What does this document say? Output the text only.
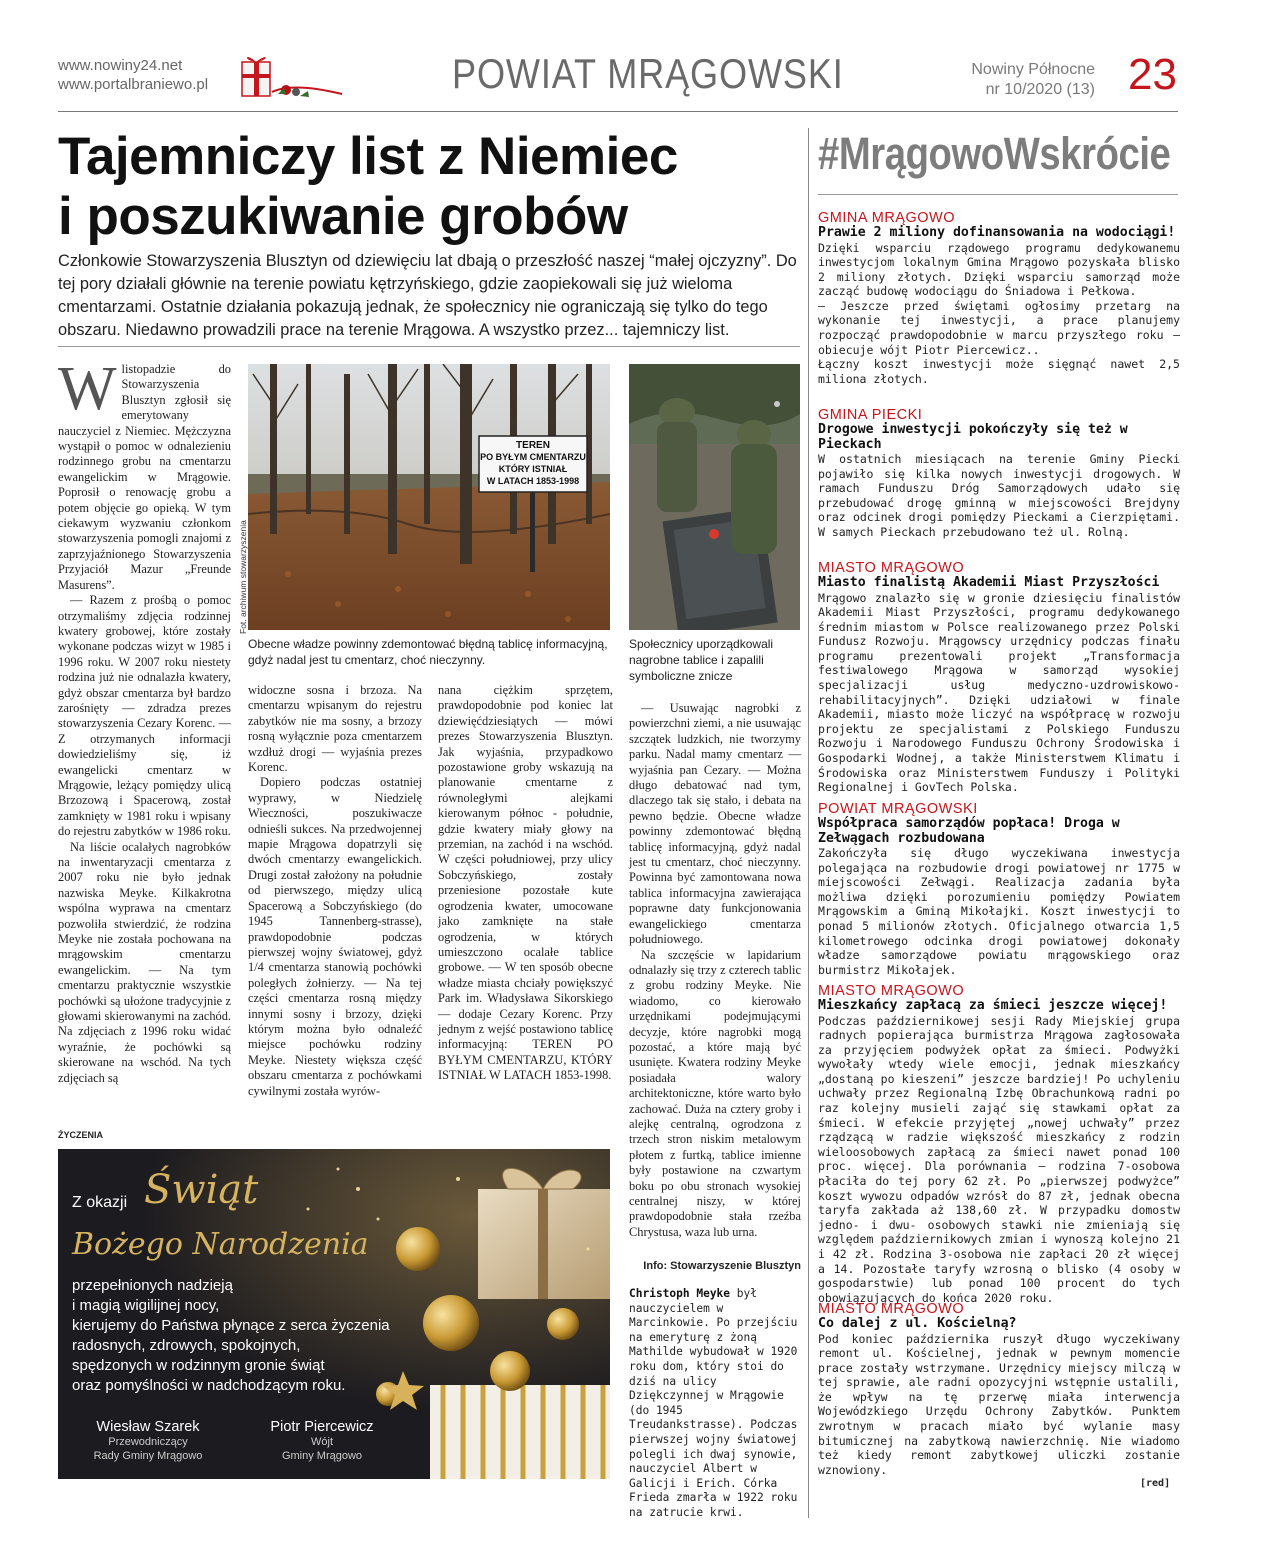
www.nowiny24.net
www.portalbraniewo.pl	POWIAT MRĄGOWSKI	Nowiny Północne
nr 10/2020 (13) 23
Tajemniczy list z Niemiec
i poszukiwanie grobów
Członkowie Stowarzyszenia Blusztyn od dziewięciu lat dbają o przeszłość naszej “małej ojczyzny”. Do tej pory działali głównie na terenie powiatu kętrzyńskiego, gdzie zaopiekowali się już wieloma cmentarzami. Ostatnie działania pokazują jednak, że społecznicy nie ograniczają się tylko do tego obszaru. Niedawno prowadzili prace na terenie Mrągowa. A wszystko przez... tajemniczy list.

Wlistopadzie do Stowarzyszenia Blusztyn zgłosił się emerytowany nauczyciel z Niemiec. Mężczyzna wystąpił o pomoc w odnalezieniu rodzinnego grobu na cmentarzu ewangelickim w Mrągowie. Poprosił o renowację grobu a potem objęcie go opieką. W tym ciekawym wyzwaniu członkom stowarzyszenia pomogli znajomi z zaprzyjaźnionego Stowarzyszenia Przyjaciół Mazur „Freunde Masurens”.

— Razem z prośbą o pomoc otrzymaliśmy zdjęcia rodzinnej kwatery grobowej, które zostały wykonane podczas wizyt w 1985 i 1996 roku. W 2007 roku niestety rodzina już nie odnalazła kwatery, gdyż obszar cmentarza był bardzo zarośnięty — zdradza prezes stowarzyszenia Cezary Korenc. — Z otrzymanych informacji dowiedzieliśmy się, iż ewangelicki cmentarz w Mrągowie, leżący pomiędzy ulicą Brzozową i Spacerową, został zamknięty w 1981 roku i wpisany do rejestru zabytków w 1986 roku.

Na liście ocalałych nagrobków na inwentaryzacji cmentarza z 2007 roku nie było jednak nazwiska Meyke. Kilkakrotna wspólna wyprawa na cmentarz pozwoliła stwierdzić, że rodzina Meyke nie została pochowana na mrągowskim cmentarzu ewangelickim. — Na tym cmentarzu praktycznie wszystkie pochówki są ułożone tradycyjnie z głowami skierowanymi na zachód. Na zdjęciach z 1996 roku widać wyraźnie, że pochówki są skierowane na wschód. Na tych zdjęciach są

TEREN
PO BYŁYM CMENTARZU
KTÓRY ISTNIAŁ
W LATACH 1853-1998
Fot. archiwum stowarzyszenia
Obecne władze powinny zdemontować błędną tablicę informacyjną, gdyż nadal jest tu cmentarz, choć nieczynny.
Społecznicy uporządkowali nagrobne tablice i zapalili symboliczne znicze

widoczne sosna i brzoza. Na cmentarzu wpisanym do rejestru zabytków nie ma sosny, a brzozy rosną wyłącznie poza cmentarzem wzdłuż drogi — wyjaśnia prezes Korenc.

Dopiero podczas ostatniej wyprawy, w Niedzielę Wieczności, poszukiwacze odnieśli sukces. Na przedwojennej mapie Mrągowa dopatrzyli się dwóch cmentarzy ewangelickich. Drugi został założony na południe od pierwszego, między ulicą Spacerową a Sobczyńskiego (do 1945 Tannenberg-strasse), prawdopodobnie podczas pierwszej wojny światowej, gdyż 1/4 cmentarza stanowią pochówki poległych żołnierzy. — Na tej części cmentarza rosną między innymi sosny i brzozy, dzięki którym można było odnaleźć miejsce pochówku rodziny Meyke. Niestety większa część obszaru cmentarza z pochówkami cywilnymi została wyrów-

nana ciężkim sprzętem, prawdopodobnie pod koniec lat dziewięćdziesiątych — mówi prezes Stowarzyszenia Blusztyn. Jak wyjaśnia, przypadkowo pozostawione groby wskazują na planowanie cmentarne z równoległymi alejkami kierowanym północ - południe, gdzie kwatery miały głowy na przemian, na zachód i na wschód. W części południowej, przy ulicy Sobczyńskiego, zostały przeniesione pozostałe kute ogrodzenia kwater, umocowane jako zamknięte na stałe ogrodzenia, w których umieszczono ocalałe tablice grobowe. — W ten sposób obecne władze miasta chciały powiększyć Park im. Władysława Sikorskiego — dodaje Cezary Korenc. Przy jednym z wejść postawiono tablicę informacyjną: TEREN PO BYŁYM CMENTARZU, KTÓRY ISTNIAŁ W LATACH 1853-1998.

— Usuwając nagrobki z powierzchni ziemi, a nie usuwając szczątek ludzkich, nie tworzymy parku. Nadal mamy cmentarz — wyjaśnia pan Cezary. — Można długo debatować nad tym, dlaczego tak się stało, i debata na pewno będzie. Obecne władze powinny zdemontować błędną tablicę informacyjną, gdyż nadal jest tu cmentarz, choć nieczynny. Powinna być zamontowana nowa tablica informacyjna zawierająca poprawne daty funkcjonowania ewangelickiego cmentarza południowego.

Na szczęście w lapidarium odnalazły się trzy z czterech tablic z grobu rodziny Meyke. Nie wiadomo, co kierowało urzędnikami podejmującymi decyzje, które nagrobki mogą pozostać, a które mają być usunięte. Kwatera rodziny Meyke posiadała walory architektoniczne, które warto było zachować. Duża na cztery groby i alejkę centralną, ogrodzona z trzech stron niskim metalowym płotem z furtką, tablice imienne były postawione na czwartym boku po obu stronach wysokiej centralnej niszy, w której prawdopodobnie stała rzeźba Chrystusa, waza lub urna.

Info: Stowarzyszenie Blusztyn
Christoph Meyke był nauczycielem w Marcinkowie. Po przejściu na emeryturę z żoną Mathilde wybudował w 1920 roku dom, który stoi do dziś na ulicy Dziękczynnej w Mrągowie (do 1945 Treudankstrasse). Podczas pierwszej wojny światowej polegli ich dwaj synowie, nauczyciel Albert w Galicji i Erich. Córka Frieda zmarła w 1922 roku na zatrucie krwi.
ŻYCZENIA
Z okazji Świąt
Bożego Narodzenia
przepełnionych nadzieją
i magią wigilijnej nocy,
kierujemy do Państwa płynące z serca życzenia
radosnych, zdrowych, spokojnych,
spędzonych w rodzinnym gronie świąt
oraz pomyślności w nadchodzącym roku.
Wiesław Szarek
Przewodniczący
Rady Gminy Mrągowo
Piotr Piercewicz
Wójt
Gminy Mrągowo
#MrągowoWskrócie
GMINA MRĄGOWO
Prawie 2 miliony dofinansowania na wodociągi!
Dzięki wsparciu rządowego programu dedykowanemu inwestycjom lokalnym Gmina Mrągowo pozyskała blisko 2 miliony złotych. Dzięki wsparciu samorząd może zacząć budowę wodociągu do Śniadowa i Pełkowa.
— Jeszcze przed świętami ogłosimy przetarg na wykonanie tej inwestycji, a prace planujemy rozpocząć prawdopodobnie w marcu przyszłego roku — obiecuje wójt Piotr Piercewicz..
Łączny koszt inwestycji może sięgnąć nawet 2,5 miliona złotych.
GMINA PIECKI
Drogowe inwestycji pokończyły się też w Pieckach
W ostatnich miesiącach na terenie Gminy Piecki pojawiło się kilka nowych inwestycji drogowych. W ramach Funduszu Dróg Samorządowych udało się przebudować drogę gminną w miejscowości Brejdyny oraz odcinek drogi pomiędzy Pieckami a Cierzpiętami. W samych Pieckach przebudowano też ul. Rolną.
MIASTO MRĄGOWO
Miasto finalistą Akademii Miast Przyszłości
Mrągowo znalazło się w gronie dziesięciu finalistów Akademii Miast Przyszłości, programu dedykowanego średnim miastom w Polsce realizowanego przez Polski Fundusz Rozwoju. Mrągowscy urzędnicy podczas finału programu prezentowali projekt „Transformacja festiwalowego Mrągowa w samorząd wysokiej specjalizacji usług medyczno-uzdrowiskowo-rehabilitacyjnych”. Dzięki udziałowi w finale Akademii, miasto może liczyć na współpracę w rozwoju projektu ze specjalistami z Polskiego Funduszu Rozwoju i Narodowego Funduszu Ochrony Środowiska i Gospodarki Wodnej, a także Ministerstwem Klimatu i Środowiska oraz Ministerstwem Funduszy i Polityki Regionalnej i GovTech Polska.
POWIAT MRĄGOWSKI
Współpraca samorządów popłaca! Droga w Zełwągach rozbudowana
Zakończyła się długo wyczekiwana inwestycja polegająca na rozbudowie drogi powiatowej nr 1775 w miejscowości Zełwągi. Realizacja zadania była możliwa dzięki porozumieniu pomiędzy Powiatem Mrągowskim a Gminą Mikołajki. Koszt inwestycji to ponad 5 milionów złotych. Oficjalnego otwarcia 1,5 kilometrowego odcinka drogi powiatowej dokonały władze samorządowe powiatu mrągowskiego oraz burmistrz Mikołajek.
MIASTO MRĄGOWO
Mieszkańcy zapłacą za śmieci jeszcze więcej!
Podczas październikowej sesji Rady Miejskiej grupa radnych popierająca burmistrza Mrągowa zagłosowała za przyjęciem podwyżek opłat za śmieci. Podwyżki wywołały wtedy wiele emocji, jednak mieszkańcy „dostaną po kieszeni” jeszcze bardziej! Po uchyleniu uchwały przez Regionalną Izbę Obrachunkową radni po raz kolejny musieli zająć się stawkami opłat za śmieci. W efekcie przyjętej „nowej uchwały” przez rządzącą w radzie większość mieszkańcy z rodzin wieloosobowych zapłacą za śmieci nawet ponad 100 proc. więcej. Dla porównania – rodzina 7-osobowa płaciła do tej pory 62 zł. Po „pierwszej podwyżce” koszt wywozu odpadów wzrósł do 87 zł, jednak obecna taryfa zakłada aż 138,60 zł. W przypadku domostw jedno- i dwu- osobowych stawki nie zmieniają się względem październikowych zmian i wynoszą kolejno 21 i 42 zł. Rodzina 3-osobowa nie zapłaci 20 zł więcej a 14. Pozostałe taryfy wzrosną o blisko (4 osoby w gospodarstwie) lub ponad 100 procent do tych obowiązujących do końca 2020 roku.
MIASTO MRĄGOWO
Co dalej z ul. Kościelną?
Pod koniec października ruszył długo wyczekiwany remont ul. Kościelnej, jednak w pewnym momencie prace zostały wstrzymane. Urzędnicy miejscy milczą w tej sprawie, ale radni opozycyjni wstępnie ustalili, że wpływ na tę przerwę miała interwencja Wojewódzkiego Urzędu Ochrony Zabytków. Punktem zwrotnym w pracach miało być wylanie masy bitumicznej na zabytkową nawierzchnię. Nie wiadomo też kiedy remont zabytkowej uliczki zostanie wznowiony.
[red]
